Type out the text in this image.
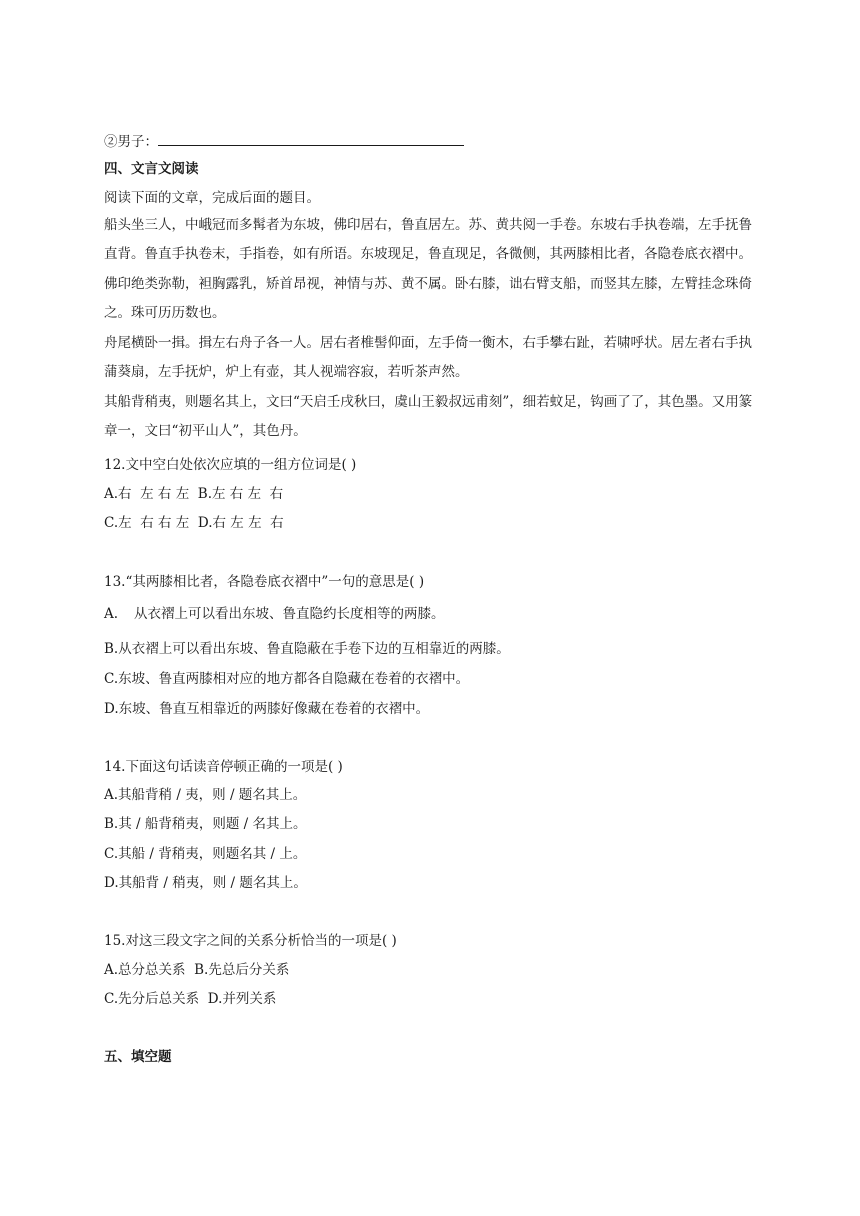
②男子：
四、文言文阅读
阅读下面的文章，完成后面的题目。
船头坐三人，中峨冠而多髯者为东坡，佛印居右，鲁直居左。苏、黄共阅一手卷。东坡右手执卷端，左手抚鲁直背。鲁直手执卷末，手指卷，如有所语。东坡现足，鲁直现足，各微侧，其两膝相比者，各隐卷底衣褶中。佛印绝类弥勒，袒胸露乳，矫首昂视，神情与苏、黄不属。卧右膝，诎右臂支船，而竖其左膝，左臂挂念珠倚之。珠可历历数也。
舟尾横卧一揖。揖左右舟子各一人。居右者椎髻仰面，左手倚一衡木，右手攀右趾，若啸呼状。居左者右手执蒲葵扇，左手抚炉，炉上有壶，其人视端容寂，若听茶声然。
其船背稍夷，则题名其上，文曰“天启壬戌秋曰，虞山王毅叔远甫刻”，细若蚊足，钩画了了，其色墨。又用篆章一，文曰“初平山人”，其色丹。
12.文中空白处依次应填的一组方位词是( )
A.右  左 右 左  B.左 右 左  右
C.左  右 右 左  D.右 左 左  右
13.“其两膝相比者，各隐卷底衣褶中”一句的意思是( )
A. 从衣褶上可以看出东坡、鲁直隐约长度相等的两膝。
B.从衣褶上可以看出东坡、鲁直隐蔽在手卷下边的互相靠近的两膝。
C.东坡、鲁直两膝相对应的地方都各自隐藏在卷着的衣褶中。
D.东坡、鲁直互相靠近的两膝好像藏在卷着的衣褶中。
14.下面这句话读音停顿正确的一项是( )
A.其船背稍 / 夷，则 / 题名其上。
B.其 / 船背稍夷，则题 / 名其上。
C.其船 / 背稍夷，则题名其 / 上。
D.其船背 / 稍夷，则 / 题名其上。
15.对这三段文字之间的关系分析恰当的一项是( )
A.总分总关系  B.先总后分关系
C.先分后总关系  D.并列关系
五、填空题
